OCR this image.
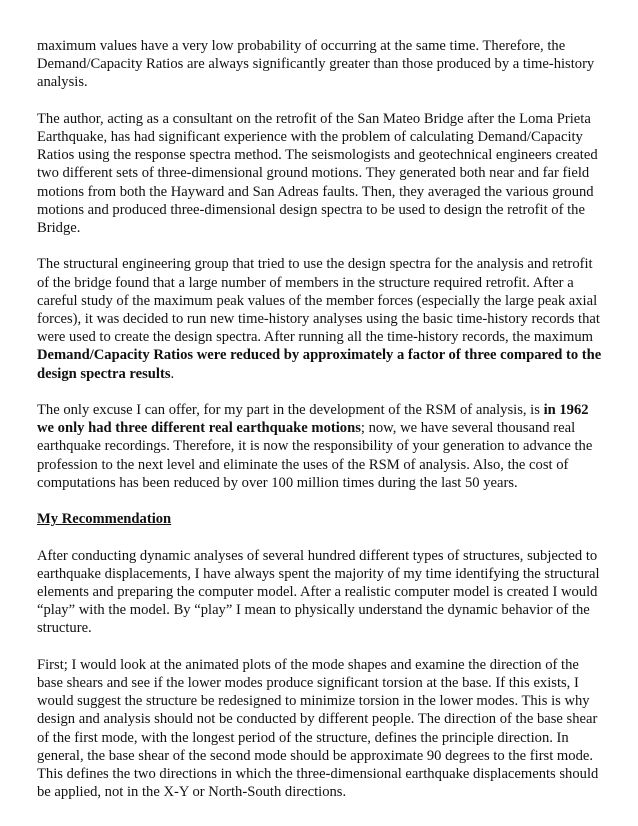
maximum values have a very low probability of occurring at the same time. Therefore, the Demand/Capacity Ratios are always significantly greater than those produced by a time-history analysis.

The author, acting as a consultant on the retrofit of the San Mateo Bridge after the Loma Prieta Earthquake, has had significant experience with the problem of calculating Demand/Capacity Ratios using the response spectra method. The seismologists and geotechnical engineers created two different sets of three-dimensional ground motions. They generated both near and far field motions from both the Hayward and San Adreas faults. Then, they averaged the various ground motions and produced three-dimensional design spectra to be used to design the retrofit of the Bridge.

The structural engineering group that tried to use the design spectra for the analysis and retrofit of the bridge found that a large number of members in the structure required retrofit. After a careful study of the maximum peak values of the member forces (especially the large peak axial forces), it was decided to run new time-history analyses using the basic time-history records that were used to create the design spectra. After running all the time-history records, the maximum Demand/Capacity Ratios were reduced by approximately a factor of three compared to the design spectra results.

The only excuse I can offer, for my part in the development of the RSM of analysis, is in 1962 we only had three different real earthquake motions; now, we have several thousand real earthquake recordings. Therefore, it is now the responsibility of your generation to advance the profession to the next level and eliminate the uses of the RSM of analysis. Also, the cost of computations has been reduced by over 100 million times during the last 50 years.

My Recommendation

After conducting dynamic analyses of several hundred different types of structures, subjected to earthquake displacements, I have always spent the majority of my time identifying the structural elements and preparing the computer model. After a realistic computer model is created I would “play” with the model. By “play” I mean to physically understand the dynamic behavior of the structure.

First; I would look at the animated plots of the mode shapes and examine the direction of the base shears and see if the lower modes produce significant torsion at the base. If this exists, I would suggest the structure be redesigned to minimize torsion in the lower modes. This is why design and analysis should not be conducted by different people. The direction of the base shear of the first mode, with the longest period of the structure, defines the principle direction. In general, the base shear of the second mode should be approximate 90 degrees to the first mode. This defines the two directions in which the three-dimensional earthquake displacements should be applied, not in the X-Y or North-South directions.
